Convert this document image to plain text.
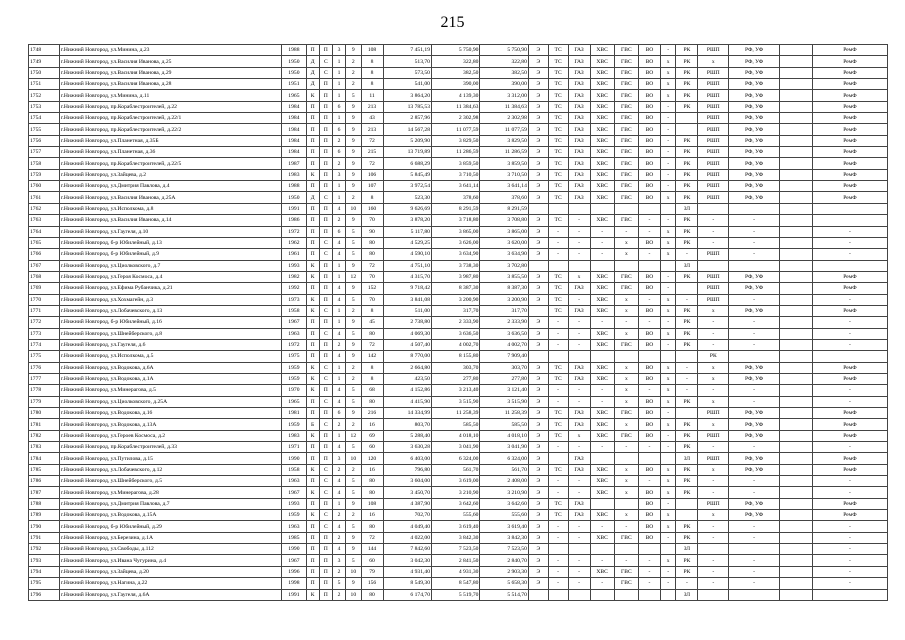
215
1748	г.Нижний Новгород, ул.Минина, д.23	1988	П	П	3	9	108	7 451,19	5 750,90	5 750,90	Э	ТС	ГАЗ	ХВС	ГВС	ВО	-	РК	РШП	РФ, УФ		РемФ
1749	г.Нижний Новгород, ул.Василия Иванова, д.25	1950	Д	С	1	2	8	513,70	322,80	322,80	Э	ТС	ГАЗ	ХВС	ГВС	ВО	х	РК	х	РФ, УФ		РемФ
1750	г.Нижний Новгород, ул.Василия Иванова, д.29	1950	Д	С	1	2	8	573,50	382,50	382,50	Э	ТС	ГАЗ	ХВС	ГВС	ВО	х	РК	РШП	РФ, УФ		РемФ
1751	г.Нижний Новгород, ул.Василия Иванова, д.28	1951	Д	П	1	2	8	541,00	390,00	390,00	Э	ТС	ГАЗ	ХВС	ГВС	ВО	х	РК	РШП	РФ, УФ		РемФ
1752	г.Нижний Новгород, ул.Минина, д.11	1965	К	П	1	5	11	3 864,20	4 139,30	3 312,00	Э	ТС	ГАЗ	ХВС	ГВС	ВО	х	РК	РШП	РФ, УФ		РемФ
1753	г.Нижний Новгород, пр.Кораблестроителей, д.22	1984	П	П	6	9	213	13 785,53	11 384,63	11 384,63	Э	ТС	ГАЗ	ХВС	ГВС	ВО	-	РК	РШП	РФ, УФ		РемФ
1754	г.Нижний Новгород, пр.Кораблестроителей, д.22/1	1984	П	П	1	9	43	2 857,96	2 302,98	2 302,98	Э	ТС	ГАЗ	ХВС	ГВС	ВО	-		РШП	РФ, УФ		РемФ
1755	г.Нижний Новгород, пр.Кораблестроителей, д.22/2	1984	П	П	6	9	213	14 567,28	11 077,59	11 077,59	Э	ТС	ГАЗ	ХВС	ГВС	ВО	-		РШП	РФ, УФ		РемФ
1756	г.Нижний Новгород, ул.Планетная, д.35Б	1984	П	П	2	9	72	5 209,90	3 829,50	3 829,50	Э	ТС	ГАЗ	ХВС	ГВС	ВО	-	РК	РШП	РФ, УФ		РемФ
1757	г.Нижний Новгород, ул.Планетная, д.36	1984	П	П	6	9	215	13 719,89	11 286,59	11 286,59	Э	ТС	ГАЗ	ХВС	ГВС	ВО	-	РК	РШП	РФ, УФ		РемФ
1758	г.Нижний Новгород, пр.Кораблестроителей, д.22/5	1987	П	П	2	9	72	6 688,29	3 859,50	3 859,50	Э	ТС	ГАЗ	ХВС	ГВС	ВО	-	РК	РШП	РФ, УФ		РемФ
1759	г.Нижний Новгород, ул.Зайцева, д.2	1983	К	П	3	9	106	5 845,49	3 710,50	3 710,50	Э	ТС	ГАЗ	ХВС	ГВС	ВО	-	РК	РШП	РФ, УФ		РемФ
1760	г.Нижний Новгород, ул.Дмитрия Павлова, д.4	1988	П	П	1	9	107	3 972,54	3 641,14	3 641,14	Э	ТС	ГАЗ	ХВС	ГВС	ВО	-	РК	РШП	РФ, УФ		РемФ
1761	г.Нижний Новгород, ул.Василия Иванова, д.25А	1950	Д	С	1	2	8	523,30	378,60	378,60	Э	ТС	ГАЗ	ХВС	ГВС	ВО	х	РК	РШП	РФ, УФ		РемФ
1762	г.Нижний Новгород, ул.Исполкома, д.8	1991	П	П	4	10	160	9 626,69	8 291,59	8 291,59								ЗЛ				
1763	г.Нижний Новгород, ул.Василия Иванова, д.14	1986	П	П	2	9	70	3 878,20	3 718,80	3 708,80	Э	ТС	-	ХВС	ГВС	-	-	РК	-	-		
1764	г.Нижний Новгород, ул.Гаугеля, д.10	1972	П	П	6	5	90	5 117,80	3 865,00	3 865,00	Э	-	-	-	-	-	х	РК	-	-		-
1765	г.Нижний Новгород, б-р Юбилейный, д.13	1962	П	С	4	5	80	4 529,25	3 626,00	3 620,00	Э	-	-	-	х	ВО	х	РК	-	-		-
1766	г.Нижний Новгород, б-р Юбилейный, д.9	1961	П	С	4	5	80	4 590,10	3 634,90	3 634,90	Э	-	-	-	х	-	х	-	РШП	-		-
1767	г.Нижний Новгород, ул.Циолковского, д.7	1993	К	П	1	9	72	4 751,10	3 738,30	3 702,80								ЗЛ				
1768	г.Нижний Новгород, ул.Героя Космоса, д.4	1982	К	П	1	12	70	4 315,70	3 987,80	3 855,50	Э	ТС	х	ХВС	ГВС	ВО	-	РК	РШП	РФ, УФ		РемФ
1769	г.Нижний Новгород, ул.Ефима Рубанчика, д.21	1992	П	П	4	9	152	9 718,42	8 387,30	8 387,30	Э	ТС	ГАЗ	ХВС	ГВС	ВО	-		РШП	РФ, УФ		РемФ
1770	г.Нижний Новгород, ул.Хохмагейн, д.3	1973	К	П	4	5	70	3 841,08	3 200,90	3 200,90	Э	ТС	-	ХВС	х	-	х	-	РШП	-		-
1771	г.Нижний Новгород, ул.Лобачевского, д.13	1958	К	С	1	2	8	511,00	317,70	317,70		ТС	ГАЗ	ХВС	х	ВО	х	РК	х	РФ, УФ		РемФ
1772	г.Нижний Новгород, б-р Юбилейный, д.16	1967	П	П	1	9	45	2 738,80	2 333,90	2 333,90	Э	-	-	-	-	-	-	РК	-	-		-
1773	г.Нижний Новгород, ул.Шнейберского, д.8	1963	П	С	4	5	80	4 069,30	3 636,50	3 636,50	Э	-	-	ХВС	х	ВО	х	РК	-	-		-
1774	г.Нижний Новгород, ул.Гаугеля, д.6	1972	П	П	2	9	72	4 507,40	4 002,70	4 002,70	Э	-	-	ХВС	ГВС	ВО	-	РК	-	-		-
1775	г.Нижний Новгород, ул.Исполкома, д.5	1975	П	П	4	9	142	8 770,00	8 155,80	7 909,40									РК			
1776	г.Нижний Новгород, ул.Водокова, д.6А	1959	К	С	1	2	8	2 664,80	303,70	303,70	Э	ТС	ГАЗ	ХВС	х	ВО	х	-	х	РФ, УФ		РемФ
1777	г.Нижний Новгород, ул.Водокова, д.1А	1959	К	С	1	2	8	423,50	277,80	277,80	Э	ТС	ГАЗ	ХВС	х	ВО	х	-	х	РФ, УФ		РемФ
1778	г.Нижний Новгород, ул.Минерагова, д.5	1970	К	П	4	5	68	4 152,86	3 213,40	3 121,40	Э	-	-	-	х	-	х	-	-	-		-
1779	г.Нижний Новгород, ул.Циолковского, д.25А	1965	П	С	4	5	80	4 415,90	3 515,90	3 515,90	Э	-	-	-	х	ВО	х	РК	х	-		-
1780	г.Нижний Новгород, ул.Водокова, д.16	1981	П	П	6	9	216	14 334,99	11 258,39	11 258,39	Э	ТС	ГАЗ	ХВС	ГВС	ВО	-		РШП	РФ, УФ		РемФ
1781	г.Нижний Новгород, ул.Водокова, д.13А	1959	Б	С	2	2	16	803,70	585,50	585,50	Э	ТС	ГАЗ	ХВС	х	ВО	х	РК	х	РФ, УФ		РемФ
1782	г.Нижний Новгород, ул.Героев Космоса, д.2	1983	К	П	1	12	69	5 288,40	4 018,10	4 018,10	Э	ТС	х	ХВС	ГВС	ВО	-	РК	РШП	РФ, УФ		РемФ
1783	г.Нижний Новгород, пр.Кораблестроителей, д.33	1971	П	П	4	5	60	3 630,28	3 041,90	3 041,90	Э	-	-	-	-	-	-	РК	-	-		-
1784	г.Нижний Новгород, ул.Путилова, д.15	1990	П	П	3	10	120	6 403,00	6 324,00	6 324,00	Э		ГАЗ					ЗЛ	РШП	РФ, УФ		РемФ
1785	г.Нижний Новгород, ул.Лобачевского, д.12	1958	К	С	2	2	16	796,80	561,70	561,70	Э	ТС	ГАЗ	ХВС	х	ВО	х	РК	х	РФ, УФ		РемФ
1786	г.Нижний Новгород, ул.Шнейберского, д.5	1963	П	С	4	5	80	3 604,00	3 619,00	2 408,00	Э	-	-	ХВС	х	-	х	РК	-	-		-
1787	г.Нижний Новгород, ул.Минерагова, д.28	1967	К	С	4	5	80	3 450,70	3 210,90	3 210,90	Э	-	-	ХВС	х	ВО	х	РК	-	-		-
1788	г.Нижний Новгород, ул.Дмитрия Павлова, д.7	1993	П	П	1	9	108	4 387,90	3 642,60	3 642,60	Э	ТС	ГАЗ			ВО	-		РШП	РФ, УФ		РемФ
1789	г.Нижний Новгород, ул.Водокова, д.15А	1959	К	С	2	2	16	702,70	555,60	555,60	Э	ТС	ГАЗ	ХВС	х	ВО	х		х	РФ, УФ		РемФ
1790	г.Нижний Новгород, б-р Юбилейный, д.29	1963	П	С	4	5	80	4 049,40	3 619,40	3 619,40	Э	-	-	-	-	ВО	х	РК	-	-		-
1791	г.Нижний Новгород, ул.Березина, д.1А	1985	П	П	2	9	72	4 022,00	3 842,30	3 842,30	Э	-	-	ХВС	ГВС	ВО	-	РК	-	-		-
1792	г.Нижний Новгород, ул.Свободы, д.112	1990	П	П	4	9	144	7 842,60	7 523,50	7 523,50	Э							ЗЛ				-
1793	г.Нижний Новгород, ул.Ивана Чугурина, д.4	1967	П	П	3	5	60	3 042,30	2 841,50	2 840,70	Э	-	-	-	-	-	х	РК	-	-		-
1794	г.Нижний Новгород, ул.Зайцева, д.20	1996	П	П	2	10	79	4 931,40	4 931,30	2 903,30	Э	-	-	ХВС	ГВС	-	-	РК	-	-		-
1795	г.Нижний Новгород, ул.Нагина, д.22	1998	П	П	5	9	156	8 549,30	8 547,80	5 658,30	Э	-	-	-	ГВС	-	-	-	-	-		-
1796	г.Нижний Новгород, ул.Гаугеля, д.6А	1991	К	П	2	10	80	6 174,70	5 519,70	5 514,70								ЗЛ				
